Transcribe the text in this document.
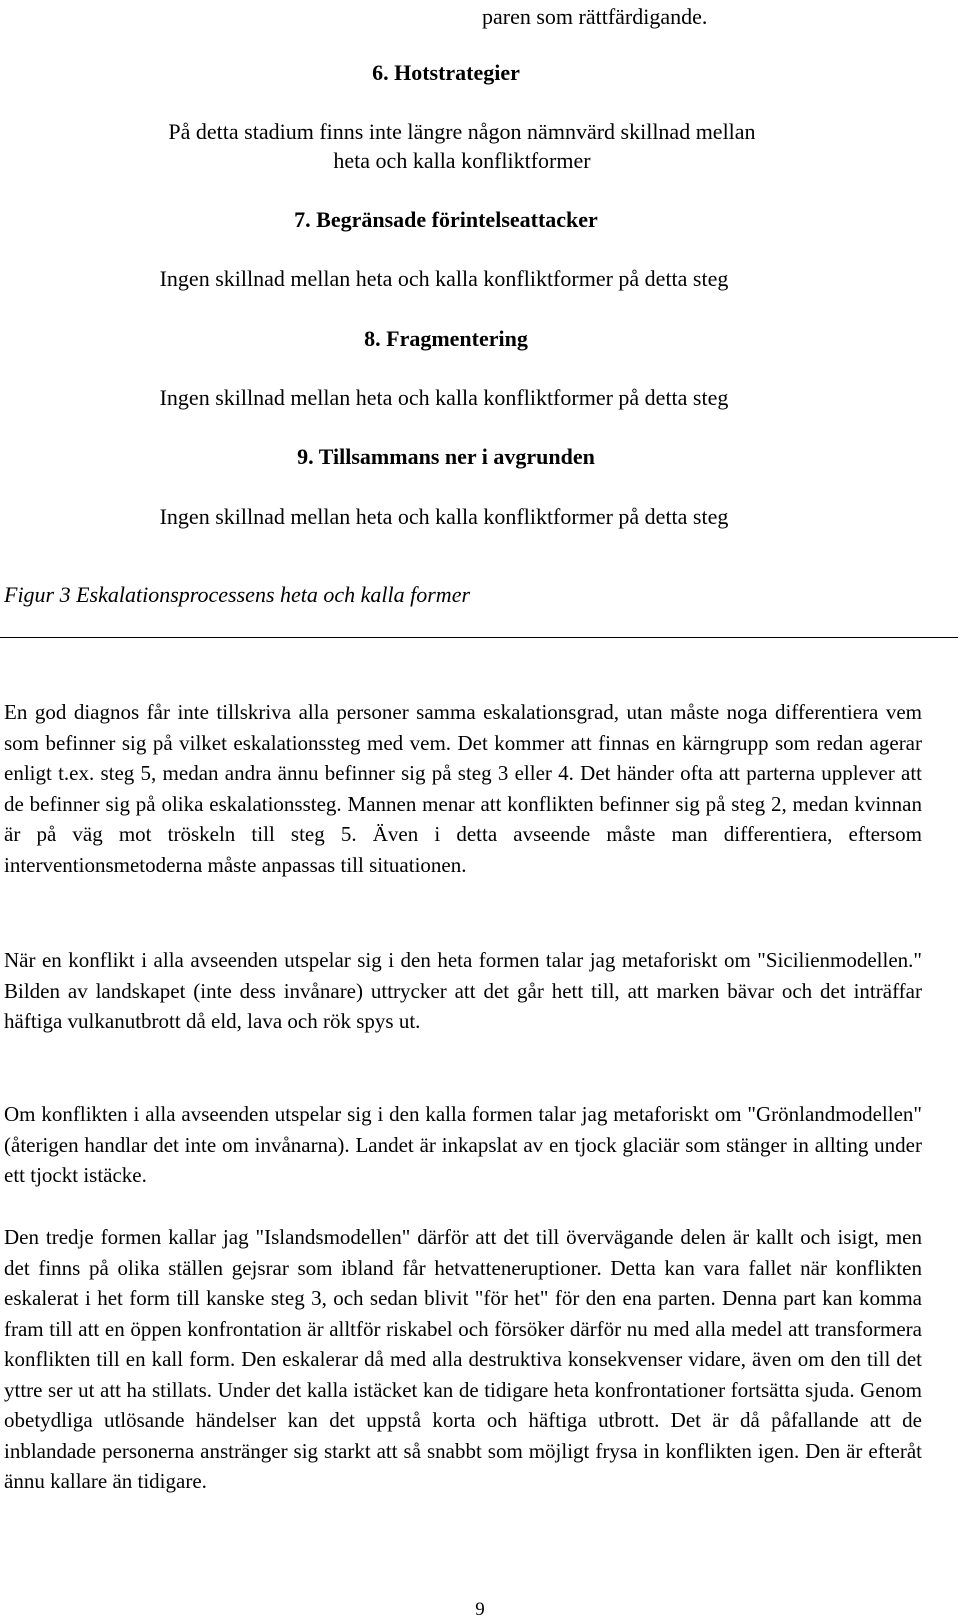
paren som rättfärdigande.
6. Hotstrategier
På detta stadium finns inte längre någon nämnvärd skillnad mellan
heta och kalla konfliktformer
7. Begränsade förintelseattacker
Ingen skillnad mellan heta och kalla konfliktformer på detta steg
8. Fragmentering
Ingen skillnad mellan heta och kalla konfliktformer på detta steg
9. Tillsammans ner i avgrunden
Ingen skillnad mellan heta och kalla konfliktformer på detta steg
Figur 3 Eskalationsprocessens heta och kalla former
En god diagnos får inte tillskriva alla personer samma eskalationsgrad, utan måste noga differentiera vem som befinner sig på vilket eskalationssteg med vem. Det kommer att finnas en kärngrupp som redan agerar enligt t.ex. steg 5, medan andra ännu befinner sig på steg 3 eller 4. Det händer ofta att parterna upplever att de befinner sig på olika eskalationssteg. Mannen menar att konflikten befinner sig på steg 2, medan kvinnan är på väg mot tröskeln till steg 5. Även i detta avseende måste man differentiera, eftersom interventionsmetoderna måste anpassas till situationen.
När en konflikt i alla avseenden utspelar sig i den heta formen talar jag metaforiskt om "Sicilienmodellen." Bilden av landskapet (inte dess invånare) uttrycker att det går hett till, att marken bävar och det inträffar häftiga vulkanutbrott då eld, lava och rök spys ut.
Om konflikten i alla avseenden utspelar sig i den kalla formen talar jag metaforiskt om "Grönlandmodellen" (återigen handlar det inte om invånarna). Landet är inkapslat av en tjock glaciär som stänger in allting under ett tjockt istäcke.
Den tredje formen kallar jag "Islandsmodellen" därför att det till övervägande delen är kallt och isigt, men det finns på olika ställen gejsrar som ibland får hetvatteneruptioner. Detta kan vara fallet när konflikten eskalerat i het form till kanske steg 3, och sedan blivit "för het" för den ena parten. Denna part kan komma fram till att en öppen konfrontation är alltför riskabel och försöker därför nu med alla medel att transformera konflikten till en kall form. Den eskalerar då med alla destruktiva konsekvenser vidare, även om den till det yttre ser ut att ha stillats. Under det kalla istäcket kan de tidigare heta konfrontationer fortsätta sjuda. Genom obetydliga utlösande händelser kan det uppstå korta och häftiga utbrott. Det är då påfallande att de inblandade personerna anstränger sig starkt att så snabbt som möjligt frysa in konflikten igen. Den är efteråt ännu kallare än tidigare.
9
